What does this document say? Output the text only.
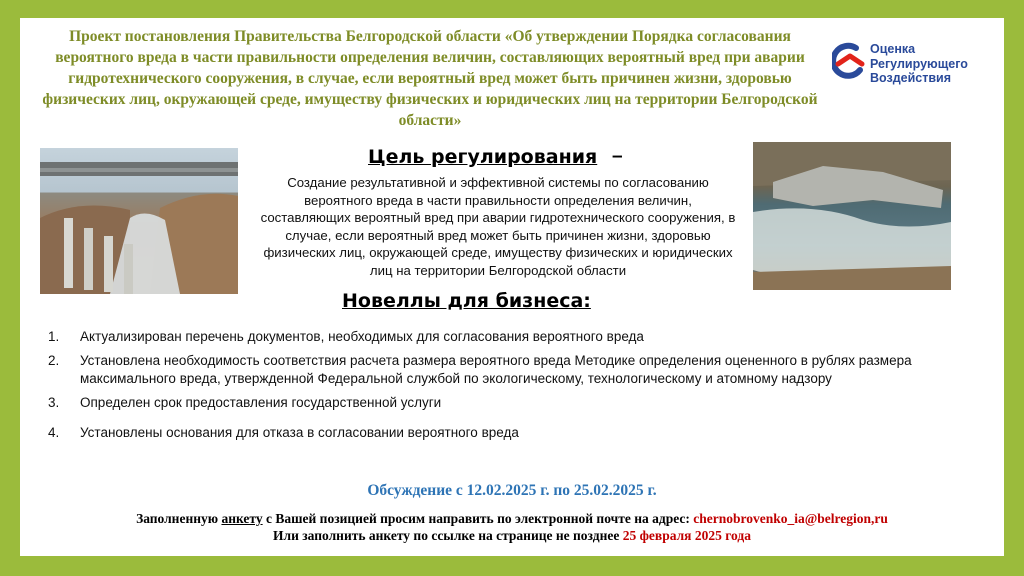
Проект постановления Правительства Белгородской области «Об утверждении Порядка согласования вероятного вреда в части правильности определения величин, составляющих вероятный вред при аварии гидротехнического сооружения, в случае, если вероятный вред может быть причинен жизни, здоровью физических лиц, окружающей среде, имуществу физических и юридических лиц на территории Белгородской области»
Оценка
Регулирующего
Воздействия
Цель регулирования –
Создание результативной и эффективной системы по согласованию вероятного вреда в части правильности определения величин, составляющих вероятный вред при аварии гидротехнического сооружения, в случае, если вероятный вред может быть причинен жизни, здоровью физических лиц, окружающей среде, имуществу физических и юридических лиц на территории Белгородской области
Новеллы для бизнеса:
1.	Актуализирован перечень документов, необходимых для согласования вероятного вреда
2.	Установлена необходимость соответствия расчета размера вероятного вреда Методике определения оцененного в рублях размера максимального вреда, утвержденной Федеральной службой по экологическому, технологическому и атомному надзору
3.	Определен срок предоставления государственной услуги
4.	Установлены основания для отказа в согласовании вероятного вреда
Обсуждение с 12.02.2025 г. по 25.02.2025 г.
Заполненную анкету с Вашей позицией просим направить по электронной почте на адрес: chernobrovenko_ia@belregion,ru
Или заполнить анкету по ссылке на странице не позднее 25 февраля 2025 года
